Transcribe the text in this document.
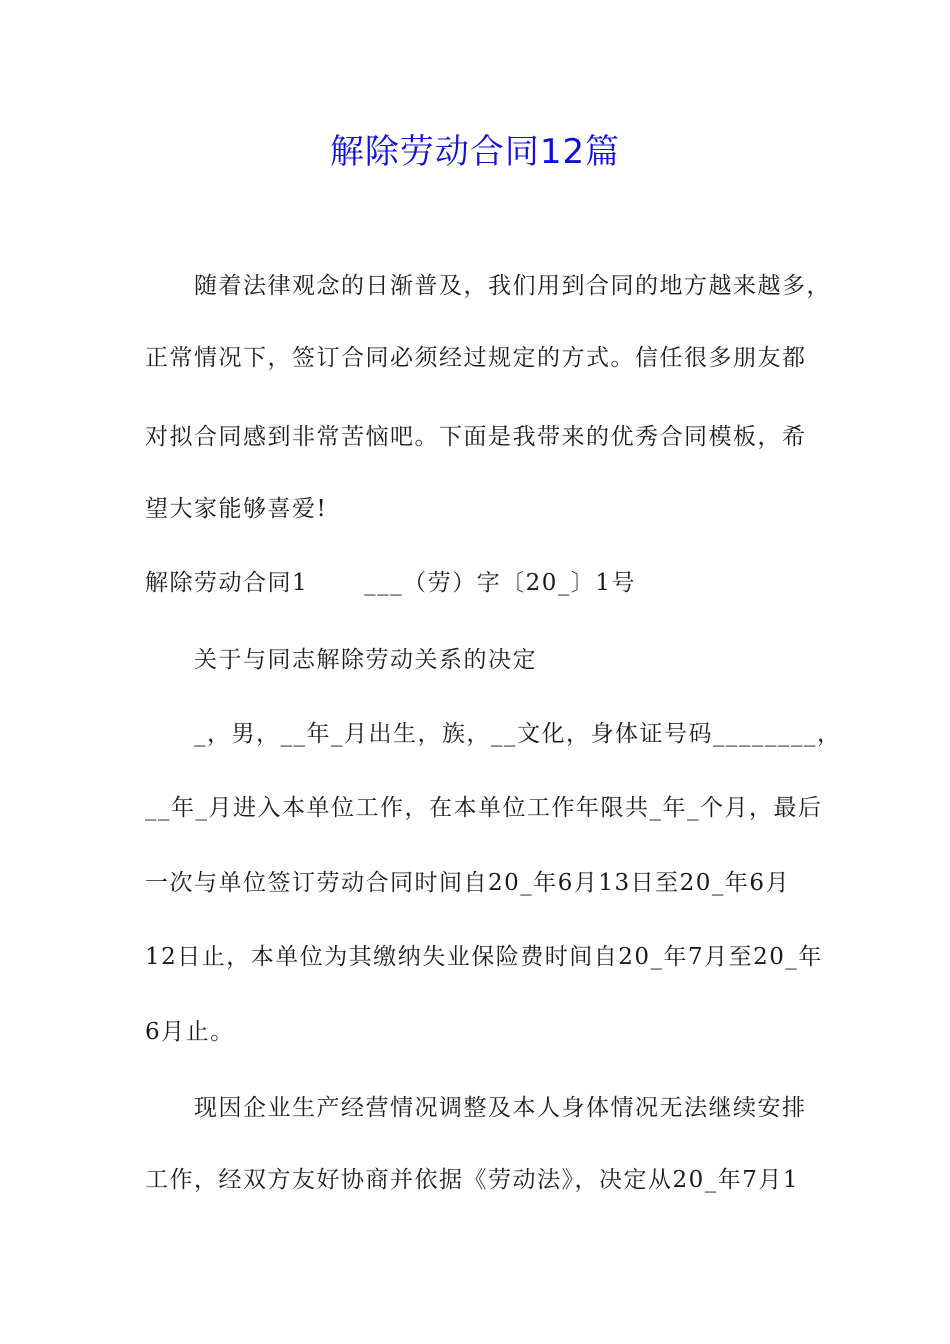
解除劳动合同12篇

随着法律观念的日渐普及，我们用到合同的地方越来越多，

正常情况下，签订合同必须经过规定的方式。信任很多朋友都

对拟合同感到非常苦恼吧。下面是我带来的优秀合同模板，希

望大家能够喜爱!

解除劳动合同1 ___（劳）字〔20_〕1号

关于与同志解除劳动关系的决定

_，男，__年_月出生，族，__文化，身体证号码________，

__年_月进入本单位工作，在本单位工作年限共_年_个月，最后

一次与单位签订劳动合同时间自20_年6月13日至20_年6月

12日止，本单位为其缴纳失业保险费时间自20_年7月至20_年

6月止。

现因企业生产经营情况调整及本人身体情况无法继续安排

工作，经双方友好协商并依据《劳动法》，决定从20_年7月1
